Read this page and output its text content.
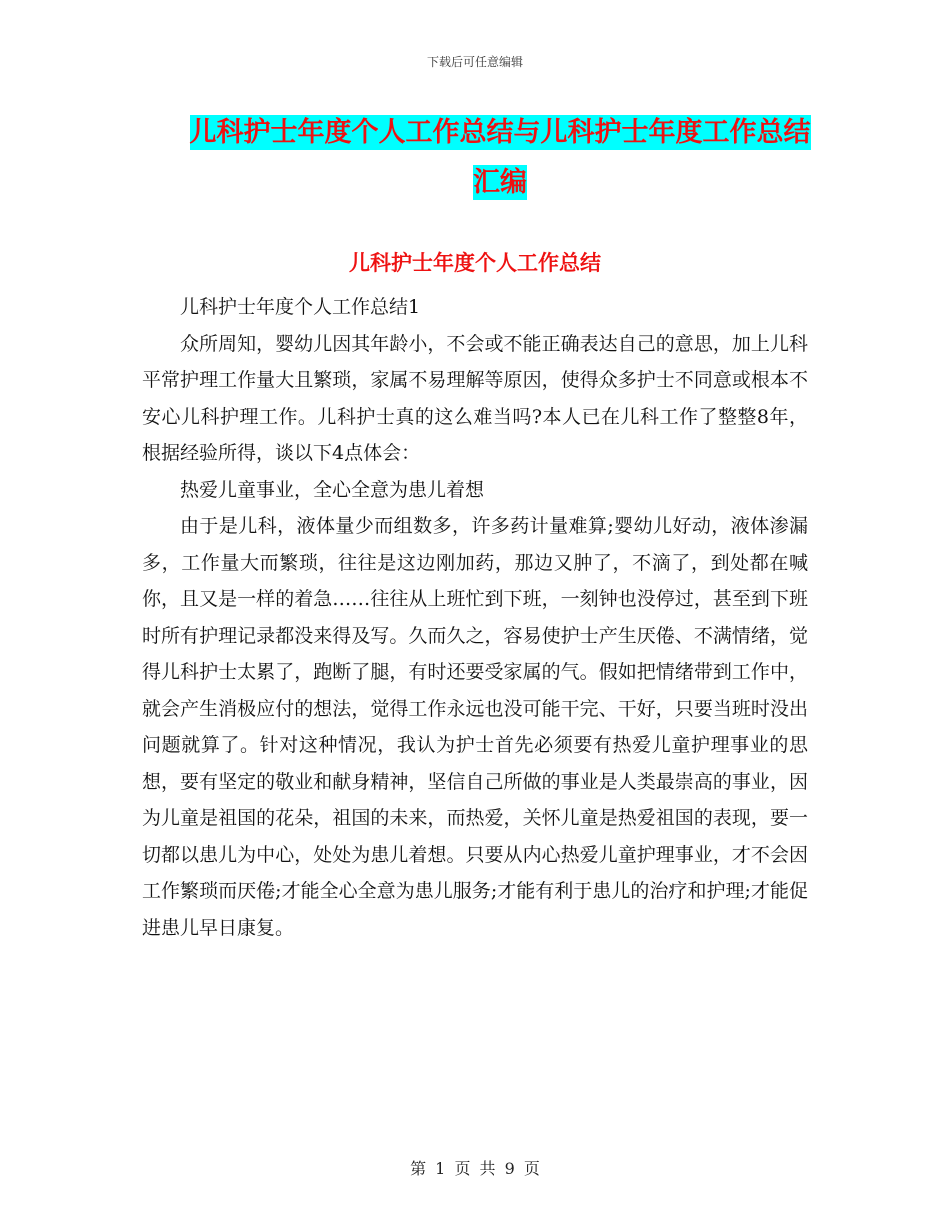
下载后可任意编辑
儿科护士年度个人工作总结与儿科护士年度工作总结
汇编
儿科护士年度个人工作总结

儿科护士年度个人工作总结1

众所周知，婴幼儿因其年龄小，不会或不能正确表达自己的意思，加上儿科平常护理工作量大且繁琐，家属不易理解等原因，使得众多护士不同意或根本不安心儿科护理工作。儿科护士真的这么难当吗?本人已在儿科工作了整整8年，根据经验所得，谈以下4点体会：

热爱儿童事业，全心全意为患儿着想

由于是儿科，液体量少而组数多，许多药计量难算;婴幼儿好动，液体渗漏多，工作量大而繁琐，往往是这边刚加药，那边又肿了，不滴了，到处都在喊你，且又是一样的着急……往往从上班忙到下班，一刻钟也没停过，甚至到下班时所有护理记录都没来得及写。久而久之，容易使护士产生厌倦、不满情绪，觉得儿科护士太累了，跑断了腿，有时还要受家属的气。假如把情绪带到工作中，就会产生消极应付的想法，觉得工作永远也没可能干完、干好，只要当班时没出问题就算了。针对这种情况，我认为护士首先必须要有热爱儿童护理事业的思想，要有坚定的敬业和献身精神，坚信自己所做的事业是人类最崇高的事业，因为儿童是祖国的花朵，祖国的未来，而热爱，关怀儿童是热爱祖国的表现，要一切都以患儿为中心，处处为患儿着想。只要从内心热爱儿童护理事业，才不会因工作繁琐而厌倦;才能全心全意为患儿服务;才能有利于患儿的治疗和护理;才能促进患儿早日康复。

第 1 页 共 9 页
